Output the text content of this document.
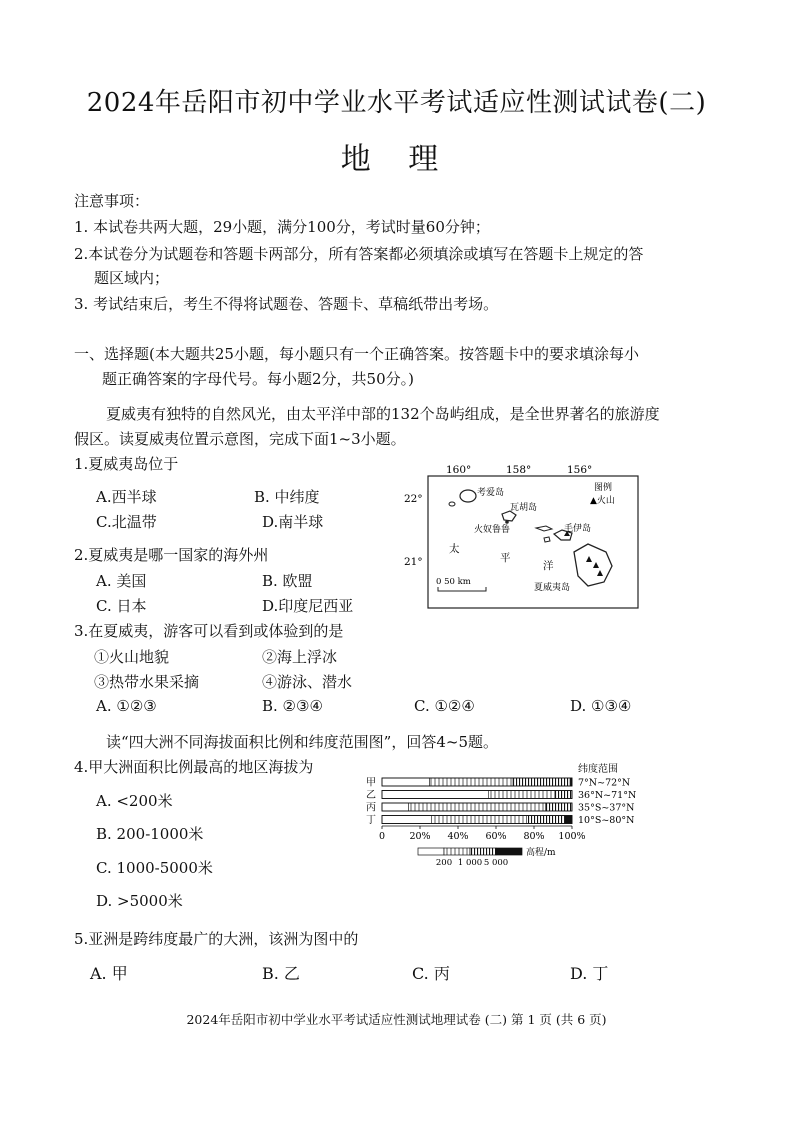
2024年岳阳市初中学业水平考试适应性测试试卷(二)
地 理
注意事项：
1. 本试卷共两大题，29小题，满分100分，考试时量60分钟；
2.本试卷分为试题卷和答题卡两部分，所有答案都必须填涂或填写在答题卡上规定的答
题区域内；
3. 考试结束后，考生不得将试题卷、答题卡、草稿纸带出考场。
一、选择题(本大题共25小题，每小题只有一个正确答案。按答题卡中的要求填涂每小
题正确答案的字母代号。每小题2分，共50分。)
夏威夷有独特的自然风光，由太平洋中部的132个岛屿组成，是全世界著名的旅游度
假区。读夏威夷位置示意图，完成下面1~3小题。
1.夏威夷岛位于
A.西半球	B. 中纬度
C.北温带	D.南半球
2.夏威夷是哪一国家的海外州
A. 美国	B. 欧盟
C. 日本	D.印度尼西亚
3.在夏威夷，游客可以看到或体验到的是
①火山地貌	②海上浮冰
③热带水果采摘	④游泳、潜水
A. ①②③	B. ②③④	C. ①②④	D. ①③④
读“四大洲不同海拔面积比例和纬度范围图”，回答4~5题。
4.甲大洲面积比例最高的地区海拔为
A. <200米
B. 200-1000米
C. 1000-5000米
D. >5000米
5.亚洲是跨纬度最广的大洲，该洲为图中的
A. 甲	B. 乙	C. 丙	D. 丁
160°	158°	156°
22°
21°
图例
▲火山
考爱岛
瓦胡岛
火奴鲁鲁	毛伊岛
夏威夷岛
太
平
洋
0 50 km
纬度范围
甲	7°N~72°N
乙	36°N~71°N
丙	35°S~37°N
丁	10°S~80°N
0	20% 40% 60% 80% 100%
200 1 000 5 000
高程/m
2024年岳阳市初中学业水平考试适应性测试地理试卷 (二) 第 1 页 (共 6 页)
